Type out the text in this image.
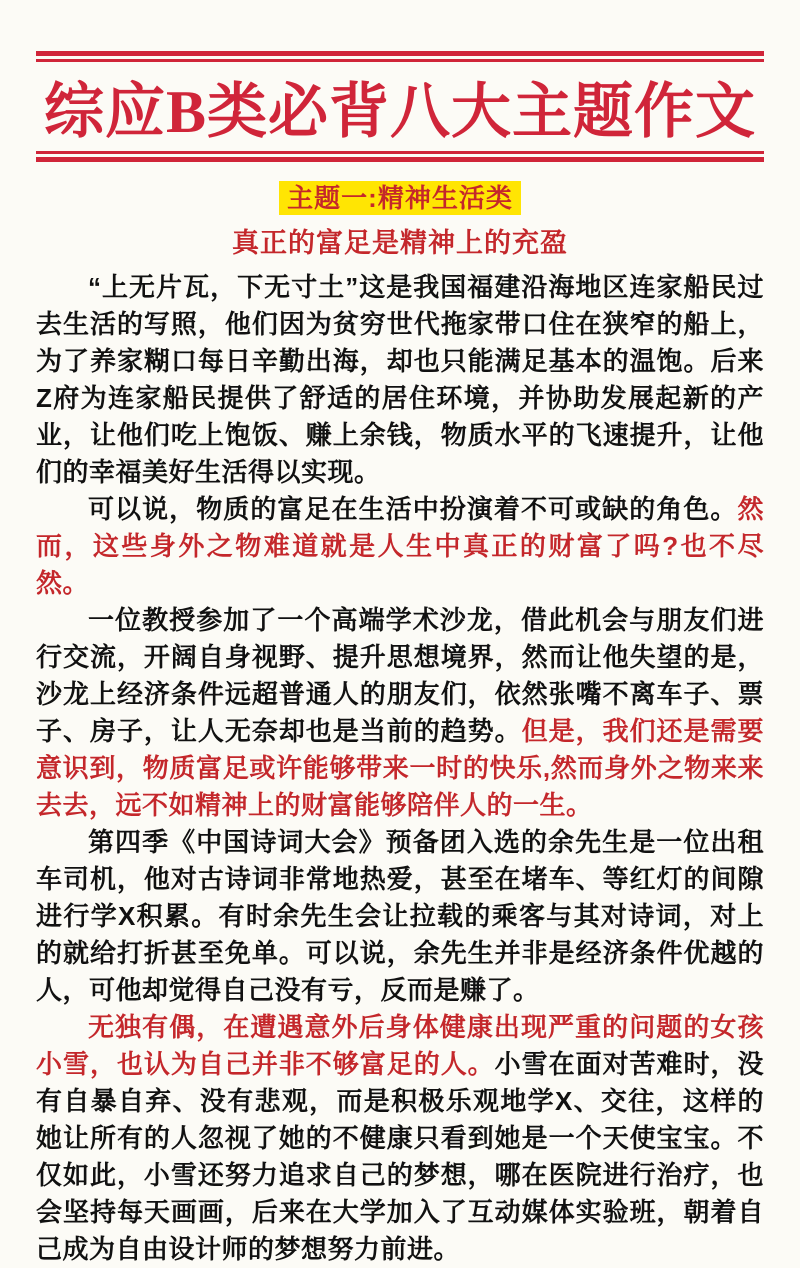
综应B类必背八大主题作文
主题一:精神生活类
真正的富足是精神上的充盈

“上无片瓦，下无寸土”这是我国福建沿海地区连家船民过去生活的写照，他们因为贫穷世代拖家带口住在狭窄的船上，为了养家糊口每日辛勤出海，却也只能满足基本的温饱。后来Z府为连家船民提供了舒适的居住环境，并协助发展起新的产业，让他们吃上饱饭、赚上余钱，物质水平的飞速提升，让他们的幸福美好生活得以实现。

可以说，物质的富足在生活中扮演着不可或缺的角色。然而，这些身外之物难道就是人生中真正的财富了吗?也不尽然。

一位教授参加了一个高端学术沙龙，借此机会与朋友们进行交流，开阔自身视野、提升思想境界，然而让他失望的是，沙龙上经济条件远超普通人的朋友们，依然张嘴不离车子、票子、房子，让人无奈却也是当前的趋势。但是，我们还是需要意识到，物质富足或许能够带来一时的快乐,然而身外之物来来去去，远不如精神上的财富能够陪伴人的一生。

第四季《中国诗词大会》预备团入选的余先生是一位出租车司机，他对古诗词非常地热爱，甚至在堵车、等红灯的间隙进行学X积累。有时余先生会让拉载的乘客与其对诗词，对上的就给打折甚至免单。可以说，余先生并非是经济条件优越的人，可他却觉得自己没有亏，反而是赚了。

无独有偶，在遭遇意外后身体健康出现严重的问题的女孩小雪，也认为自己并非不够富足的人。小雪在面对苦难时，没有自暴自弃、没有悲观，而是积极乐观地学X、交往，这样的她让所有的人忽视了她的不健康只看到她是一个天使宝宝。不仅如此，小雪还努力追求自己的梦想，哪在医院进行治疗，也会坚持每天画画，后来在大学加入了互动媒体实验班，朝着自己成为自由设计师的梦想努力前进。
